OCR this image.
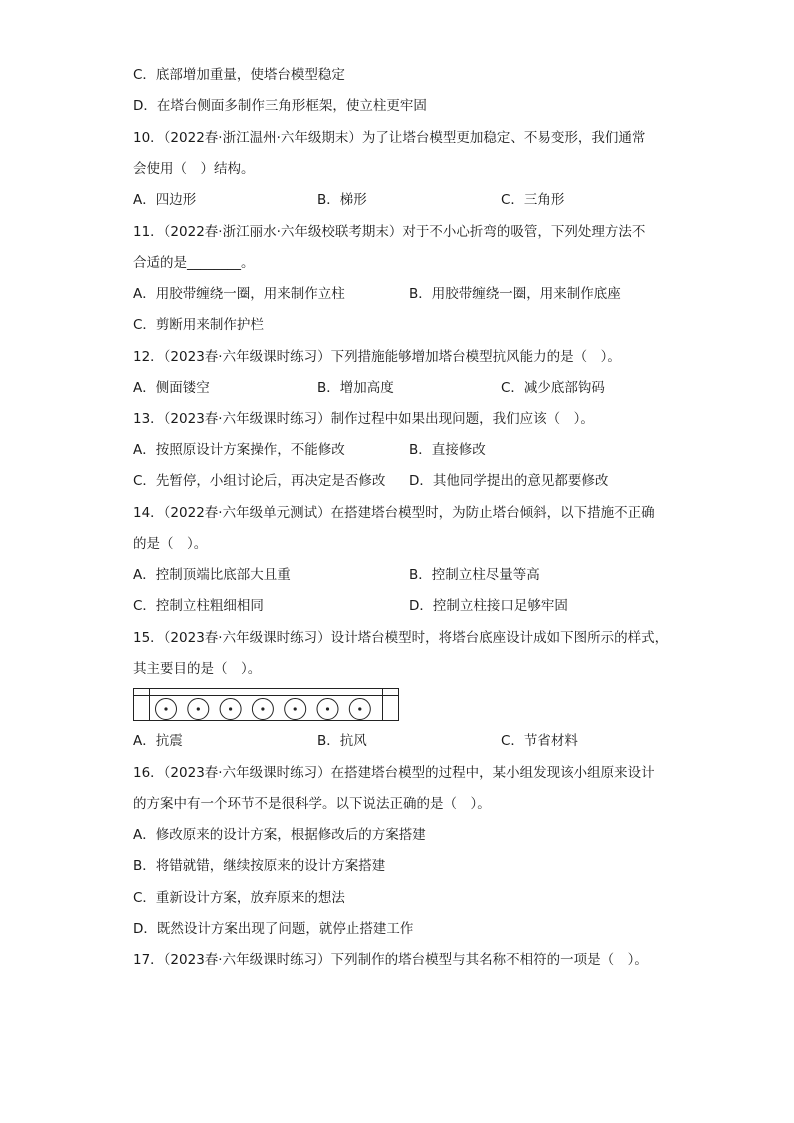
C．底部增加重量，使塔台模型稳定
D．在塔台侧面多制作三角形框架，使立柱更牢固
10．（2022春·浙江温州·六年级期末）为了让塔台模型更加稳定、不易变形，我们通常
会使用（　）结构。
A．四边形	B．梯形	C．三角形
11．（2022春·浙江丽水·六年级校联考期末）对于不小心折弯的吸管，下列处理方法不
合适的是________。
A．用胶带缠绕一圈，用来制作立柱	B．用胶带缠绕一圈，用来制作底座
C．剪断用来制作护栏
12．（2023春·六年级课时练习）下列措施能够增加塔台模型抗风能力的是（　）。
A．侧面镂空	B．增加高度	C．减少底部钩码
13．（2023春·六年级课时练习）制作过程中如果出现问题，我们应该（　）。
A．按照原设计方案操作，不能修改	B．直接修改
C．先暂停，小组讨论后，再决定是否修改 D．其他同学提出的意见都要修改
14．（2022春·六年级单元测试）在搭建塔台模型时，为防止塔台倾斜，以下措施不正确
的是（　）。
A．控制顶端比底部大且重	B．控制立柱尽量等高
C．控制立柱粗细相同	D．控制立柱接口足够牢固
15．（2023春·六年级课时练习）设计塔台模型时，将塔台底座设计成如下图所示的样式，
其主要目的是（　）。
A．抗震	B．抗风	C．节省材料
16．（2023春·六年级课时练习）在搭建塔台模型的过程中，某小组发现该小组原来设计
的方案中有一个环节不是很科学。以下说法正确的是（　）。
A．修改原来的设计方案，根据修改后的方案搭建
B．将错就错，继续按原来的设计方案搭建
C．重新设计方案，放弃原来的想法
D．既然设计方案出现了问题，就停止搭建工作
17．（2023春·六年级课时练习）下列制作的塔台模型与其名称不相符的一项是（　）。
